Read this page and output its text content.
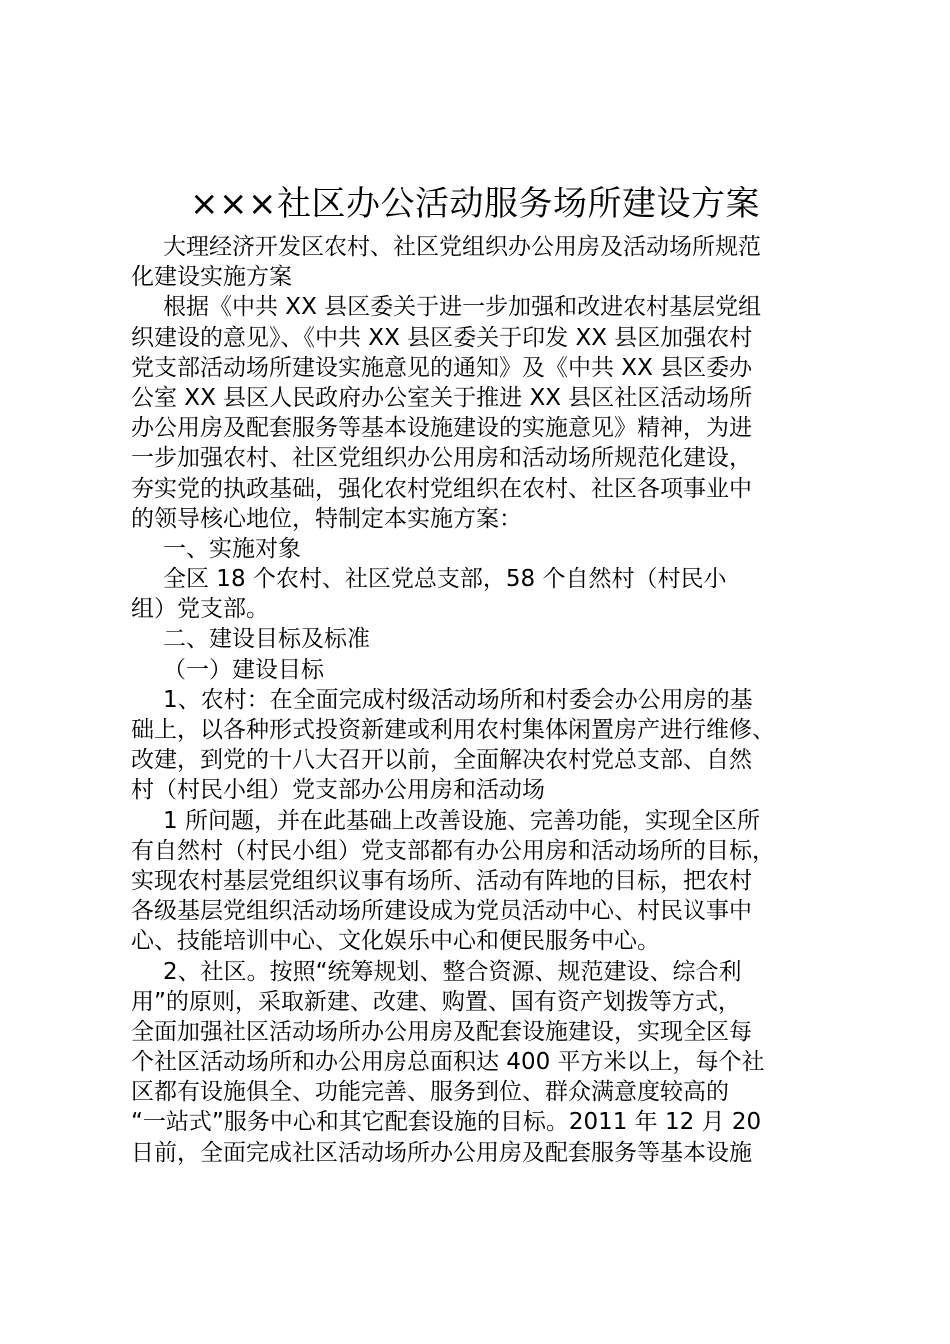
×××社区办公活动服务场所建设方案
大理经济开发区农村、社区党组织办公用房及活动场所规范
化建设实施方案
根据《中共 XX 县区委关于进一步加强和改进农村基层党组
织建设的意见》、《中共 XX 县区委关于印发 XX 县区加强农村
党支部活动场所建设实施意见的通知》及《中共 XX 县区委办
公室 XX 县区人民政府办公室关于推进 XX 县区社区活动场所
办公用房及配套服务等基本设施建设的实施意见》精神，为进
一步加强农村、社区党组织办公用房和活动场所规范化建设，
夯实党的执政基础，强化农村党组织在农村、社区各项事业中
的领导核心地位，特制定本实施方案：
一、实施对象
全区 18 个农村、社区党总支部，58 个自然村（村民小
组）党支部。
二、建设目标及标准
（一）建设目标
1、农村：在全面完成村级活动场所和村委会办公用房的基
础上，以各种形式投资新建或利用农村集体闲置房产进行维修、
改建，到党的十八大召开以前，全面解决农村党总支部、自然
村（村民小组）党支部办公用房和活动场
1 所问题，并在此基础上改善设施、完善功能，实现全区所
有自然村（村民小组）党支部都有办公用房和活动场所的目标，
实现农村基层党组织议事有场所、活动有阵地的目标，把农村
各级基层党组织活动场所建设成为党员活动中心、村民议事中
心、技能培训中心、文化娱乐中心和便民服务中心。
2、社区。按照“统筹规划、整合资源、规范建设、综合利
用”的原则，采取新建、改建、购置、国有资产划拨等方式，
全面加强社区活动场所办公用房及配套设施建设，实现全区每
个社区活动场所和办公用房总面积达 400 平方米以上，每个社
区都有设施俱全、功能完善、服务到位、群众满意度较高的
“一站式”服务中心和其它配套设施的目标。2011 年 12 月 20
日前，全面完成社区活动场所办公用房及配套服务等基本设施
